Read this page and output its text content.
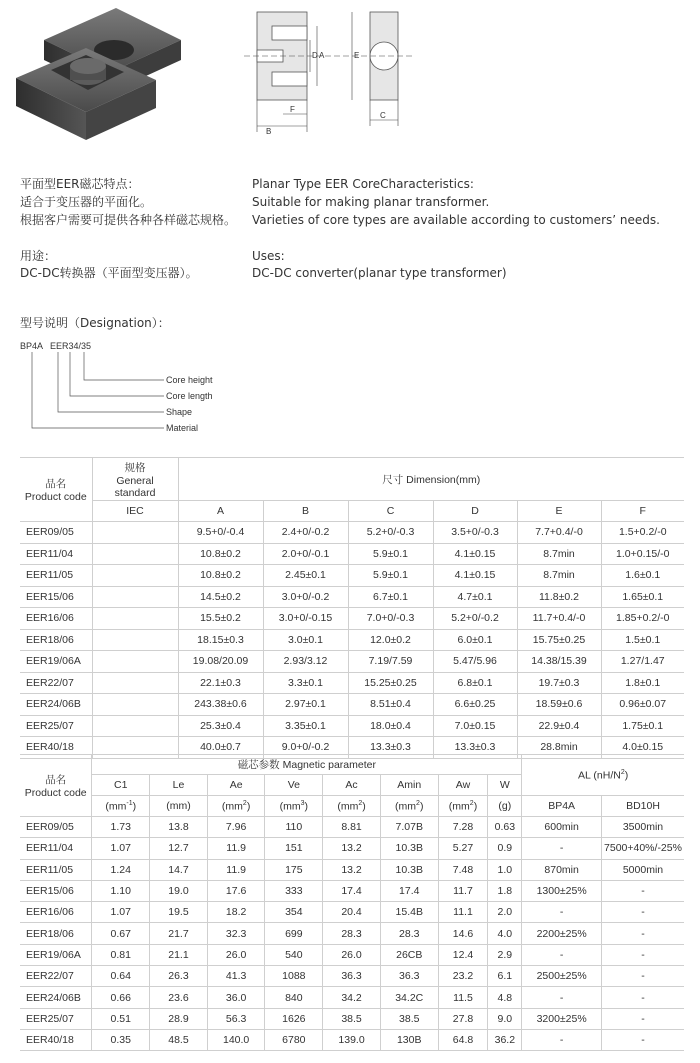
D A	E
F
B
C
平面型EER磁芯特点：
适合于变压器的平面化。
根据客户需要可提供各种各样磁芯规格。
Planar Type EER CoreCharacteristics:
Suitable for making planar transformer.
Varieties of core types are available according to customers’ needs.
用途：
DC-DC转换器（平面型变压器）。
Uses:
DC-DC converter(planar type transformer)
型号说明（Designation）：
BP4A EER34/35
Core height
Core length
Shape
Material
品名
Product code	规格
General standard	尺寸 Dimension(mm)					
	IEC	A	B	C	D	E	F
EER09/05		9.5+0/-0.4	2.4+0/-0.2	5.2+0/-0.3	3.5+0/-0.3	7.7+0.4/-0	1.5+0.2/-0
EER11/04		10.8±0.2	2.0+0/-0.1	5.9±0.1	4.1±0.15	8.7min	1.0+0.15/-0
EER11/05		10.8±0.2	2.45±0.1	5.9±0.1	4.1±0.15	8.7min	1.6±0.1
EER15/06		14.5±0.2	3.0+0/-0.2	6.7±0.1	4.7±0.1	11.8±0.2	1.65±0.1
EER16/06		15.5±0.2	3.0+0/-0.15	7.0+0/-0.3	5.2+0/-0.2	11.7+0.4/-0	1.85+0.2/-0
EER18/06		18.15±0.3	3.0±0.1	12.0±0.2	6.0±0.1	15.75±0.25	1.5±0.1
EER19/06A		19.08/20.09	2.93/3.12	7.19/7.59	5.47/5.96	14.38/15.39	1.27/1.47
EER22/07		22.1±0.3	3.3±0.1	15.25±0.25	6.8±0.1	19.7±0.3	1.8±0.1
EER24/06B		243.38±0.6	2.97±0.1	8.51±0.4	6.6±0.25	18.59±0.6	0.96±0.07
EER25/07		25.3±0.4	3.35±0.1	18.0±0.4	7.0±0.15	22.9±0.4	1.75±0.1
EER40/18		40.0±0.7	9.0+0/-0.2	13.3±0.3	13.3±0.3	28.8min	4.0±0.15
品名
Product code	磁芯参数 Magnetic parameter								AL $(nH/N^2)$	
	C1	Le	Ae	Ve	Ac	Amin	Aw	W		
	$(mm^{-1})$	(mm)	$(mm^2)$	$(mm^3)$	$(mm^2)$	$(mm^2)$	$(mm^2)$	(g)	BP4A	BD10H
EER09/05	1.73	13.8	7.96	110	8.81	7.07B	7.28	0.63	600min	3500min
EER11/04	1.07	12.7	11.9	151	13.2	10.3B	5.27	0.9	-	7500+40%/-25%
EER11/05	1.24	14.7	11.9	175	13.2	10.3B	7.48	1.0	870min	5000min
EER15/06	1.10	19.0	17.6	333	17.4	17.4	11.7	1.8	1300±25%	-
EER16/06	1.07	19.5	18.2	354	20.4	15.4B	11.1	2.0	-	-
EER18/06	0.67	21.7	32.3	699	28.3	28.3	14.6	4.0	2200±25%	-
EER19/06A	0.81	21.1	26.0	540	26.0	26CB	12.4	2.9	-	-
EER22/07	0.64	26.3	41.3	1088	36.3	36.3	23.2	6.1	2500±25%	-
EER24/06B	0.66	23.6	36.0	840	34.2	34.2C	11.5	4.8	-	-
EER25/07	0.51	28.9	56.3	1626	38.5	38.5	27.8	9.0	3200±25%	-
EER40/18	0.35	48.5	140.0	6780	139.0	130B	64.8	36.2	-	-
